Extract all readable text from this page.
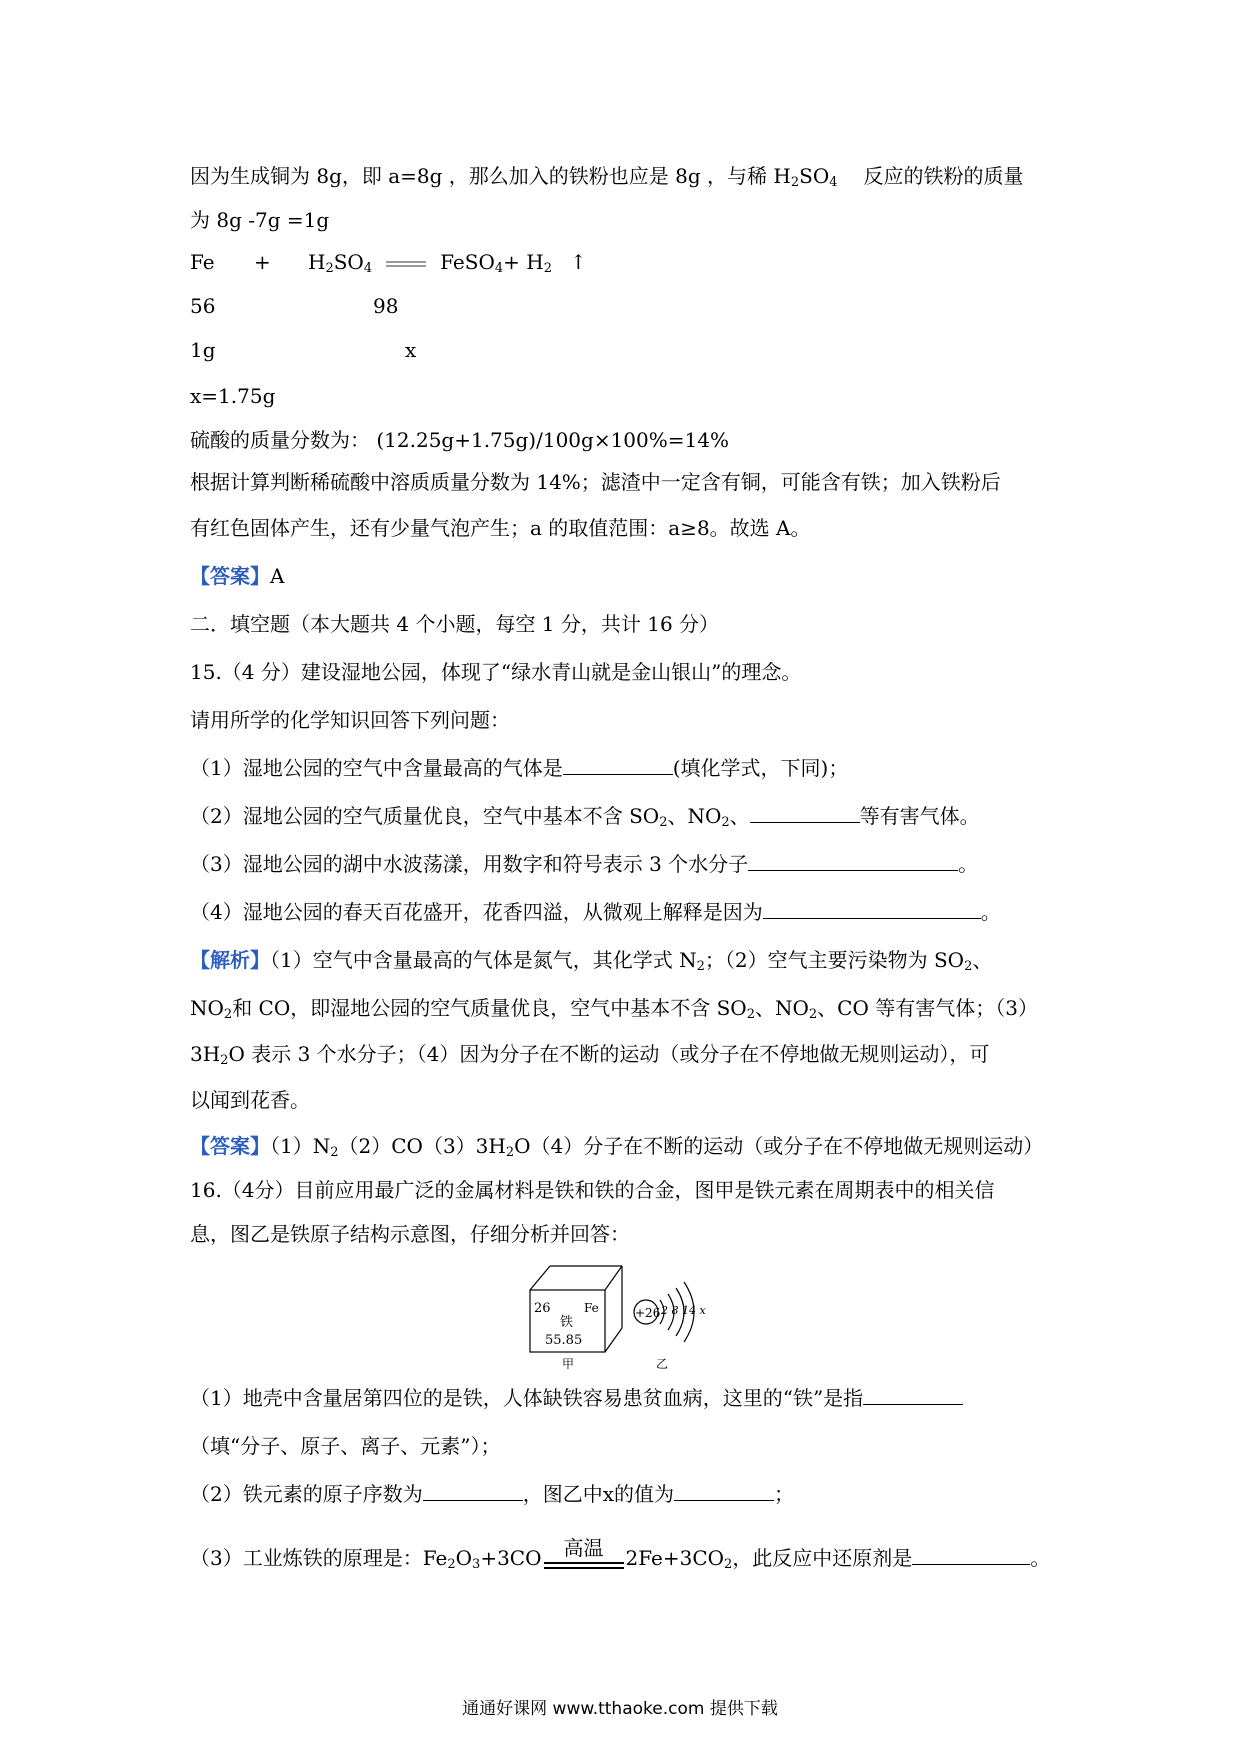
因为生成铜为 8g，即 a=8g ，那么加入的铁粉也应是 8g ，与稀 $H_2SO_4$ 反应的铁粉的质量
为 8g -7g =1g
$Fe + H_2SO_4$	FeSO$_4$+ $H_2$ ↑
56	98
1g	x
x=1.75g
硫酸的质量分数为： (12.25g+1.75g)/100g×100%=14%
根据计算判断稀硫酸中溶质质量分数为 14%；滤渣中一定含有铜，可能含有铁；加入铁粉后
有红色固体产生，还有少量气泡产生；a 的取值范围：a≥8。故选 A。
【答案】A
二．填空题（本大题共 4 个小题，每空 1 分，共计 16 分）
15.（4 分）建设湿地公园，体现了“绿水青山就是金山银山”的理念。
请用所学的化学知识回答下列问题：
（1）湿地公园的空气中含量最高的气体是	(填化学式，下同)；
（2）湿地公园的空气质量优良，空气中基本不含 $SO_2$、$NO_2$、	等有害气体。
（3）湿地公园的湖中水波荡漾，用数字和符号表示 3 个水分子	。
（4）湿地公园的春天百花盛开，花香四溢，从微观上解释是因为	。
【解析】（1）空气中含量最高的气体是氮气，其化学式 $N_2$；（2）空气主要污染物为 $SO_2$、
$NO_2$和 CO，即湿地公园的空气质量优良，空气中基本不含 $SO_2$、$NO_2$、CO 等有害气体；（3）
$3H_2O$ 表示 3 个水分子；（4）因为分子在不断的运动（或分子在不停地做无规则运动），可
以闻到花香。
【答案】$(1)N_2(2)CO(3)3H_2O(4)$分子在不断的运动（或分子在不停地做无规则运动）
16.（4分）目前应用最广泛的金属材料是铁和铁的合金，图甲是铁元素在周期表中的相关信
息，图乙是铁原子结构示意图，仔细分析并回答：
26	Fe
铁
55.85
甲
+26 2 8 14 x
乙
（1）地壳中含量居第四位的是铁，人体缺铁容易患贫血病，这里的“铁”是指
（填“分子、原子、离子、元素”）；
（2）铁元素的原子序数为	，图乙中x的值为	；
（3）工业炼铁的原理是：$Fe_2O_3+3CO$	高温	$2Fe+3CO_2$，此反应中还原剂是	。
通通好课网 www.tthaoke.com 提供下载
